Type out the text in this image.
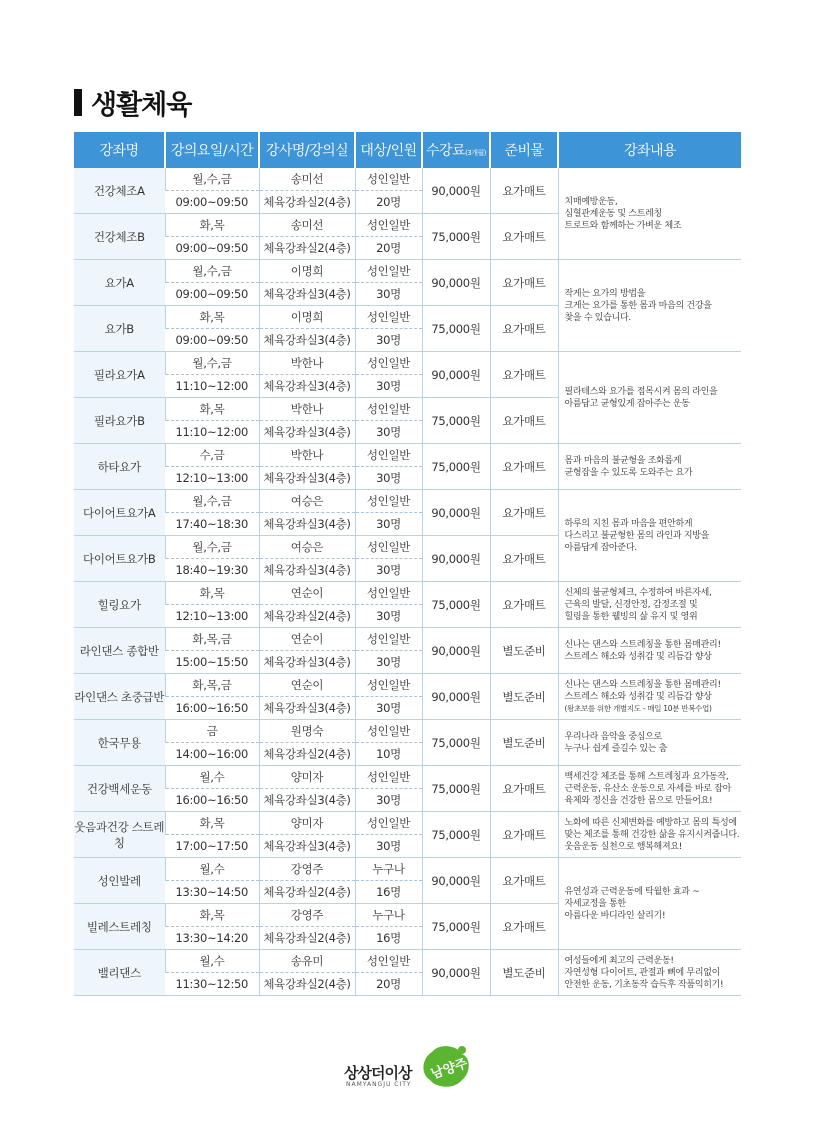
생활체육
강좌명	강의요일/시간	강사명/강의실	대상/인원	수강료(3개월)	준비물	강좌내용
건강체조A	월,수,금	송미선	성인일반	90,000원	요가매트	치매예방운동,
심혈관계운동 및 스트레칭
트로트와 함께하는 가벼운 체조

	09:00~09:50	체육강좌실2(4층)	20명			
건강체조B	화,목	송미선	성인일반	75,000원	요가매트	
	09:00~09:50	체육강좌실2(4층)	20명			
요가A	월,수,금	이명희	성인일반	90,000원	요가매트	작게는 요가의 방법을
크게는 요가를 통한 몸과 마음의 건강을
찾을 수 있습니다.

	09:00~09:50	체육강좌실3(4층)	30명			
요가B	화,목	이명희	성인일반	75,000원	요가매트	
	09:00~09:50	체육강좌실3(4층)	30명			
필라요가A	월,수,금	박한나	성인일반	90,000원	요가매트	필라테스와 요가를 접목시켜 몸의 라인을
아름답고 균형있게 잡아주는 운동

	11:10~12:00	체육강좌실3(4층)	30명			
필라요가B	화,목	박한나	성인일반	75,000원	요가매트	
	11:10~12:00	체육강좌실3(4층)	30명			
하타요가	수,금	박한나	성인일반	75,000원	요가매트	몸과 마음의 불균형을 조화롭게
균형잡을 수 있도록 도와주는 요가

	12:10~13:00	체육강좌실3(4층)	30명			
다이어트요가A	월,수,금	여승은	성인일반	90,000원	요가매트	하루의 지친 몸과 마음을 편안하게
다스리고 불균형한 몸의 라인과 지방을
아름답게 잡아준다.

	17:40~18:30	체육강좌실3(4층)	30명			
다이어트요가B	월,수,금	여승은	성인일반	90,000원	요가매트	
	18:40~19:30	체육강좌실3(4층)	30명			
힐링요가	화,목	연순이	성인일반	75,000원	요가매트	신체의 불균형체크, 수정하여 바른자세,
근육의 발달, 신경안정, 감정조절 및
힐링을 통한 웰빙의 삶 유지 및 영위

	12:10~13:00	체육강좌실2(4층)	30명			
라인댄스 종합반	화,목,금	연순이	성인일반	90,000원	별도준비	신나는 댄스와 스트레칭을 통한 몸매관리!
스트레스 해소와 성취감 및 리듬감 향상

	15:00~15:50	체육강좌실3(4층)	30명			
라인댄스 초중급반	화,목,금	연순이	성인일반	90,000원	별도준비	신나는 댄스와 스트레칭을 통한 몸매관리!
스트레스 해소와 성취감 및 리듬감 향상
(왕초보를 위한 개별지도 - 매일 10분 반복수업)

	16:00~16:50	체육강좌실3(4층)	30명			
한국무용	금	원명숙	성인일반	75,000원	별도준비	우리나라 음악을 중심으로
누구나 쉽게 즐길수 있는 춤

	14:00~16:00	체육강좌실2(4층)	10명			
건강백세운동	월,수	양미자	성인일반	75,000원	요가매트	백세건강 체조를 통해 스트레칭과 요가동작,
근력운동, 유산소 운동으로 자세를 바로 잡아
육체와 정신을 건강한 몸으로 만들어요!

	16:00~16:50	체육강좌실3(4층)	30명			
웃음과건강 스트레칭	화,목	양미자	성인일반	75,000원	요가매트	노화에 따른 신체변화를 예방하고 몸의 특성에
맞는 체조를 통해 건강한 삶을 유지시켜줍니다.
웃음운동 실천으로 행복해져요!

	17:00~17:50	체육강좌실3(4층)	30명			
성인발레	월,수	강영주	누구나	90,000원	요가매트	유연성과 근력운동에 탁월한 효과 ~
자세교정을 통한
아름다운 바디라인 살리기!

	13:30~14:50	체육강좌실2(4층)	16명			
빌레스트레칭	화,목	강영주	누구나	75,000원	요가매트	
	13:30~14:20	체육강좌실2(4층)	16명			
밸리댄스	월,수	송유미	성인일반	90,000원	별도준비	여성들에게 최고의 근력운동!
자연성형 다이어트, 관절과 뼈에 무리없이
안전한 운동, 기초동작 습득후 작품익히기!

	11:30~12:50	체육강좌실2(4층)	20명			
상상더이상
NAMYANGJU CITY
남양주
